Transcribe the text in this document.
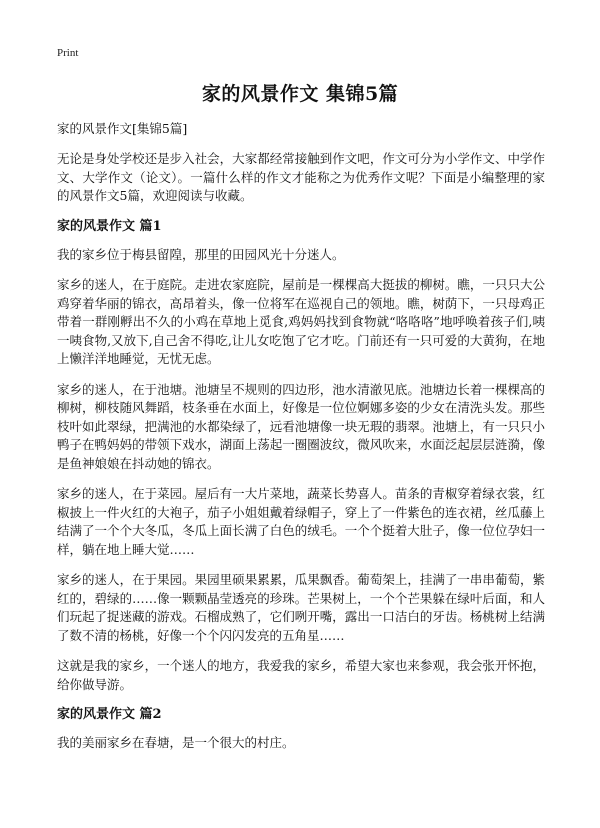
Print
家的风景作文 集锦5篇

家的风景作文[集锦5篇]

无论是身处学校还是步入社会，大家都经常接触到作文吧，作文可分为小学作文、中学作文、大学作文（论文）。一篇什么样的作文才能称之为优秀作文呢？下面是小编整理的家的风景作文5篇，欢迎阅读与收藏。

家的风景作文 篇1

我的家乡位于梅县留隍，那里的田园风光十分迷人。

家乡的迷人，在于庭院。走进农家庭院，屋前是一棵棵高大挺拔的柳树。瞧，一只只大公鸡穿着华丽的锦衣，高昂着头，像一位将军在巡视自己的领地。瞧，树荫下，一只母鸡正带着一群刚孵出不久的小鸡在草地上觅食,鸡妈妈找到食物就“咯咯咯”地呼唤着孩子们,咦一咦食物,又放下,自己舍不得吃,让儿女吃饱了它才吃。门前还有一只可爱的大黄狗，在地上懒洋洋地睡觉，无忧无虑。

家乡的迷人，在于池塘。池塘呈不规则的四边形，池水清澈见底。池塘边长着一棵棵高的柳树，柳枝随风舞蹈，枝条垂在水面上，好像是一位位婀娜多姿的少女在清洗头发。那些枝叶如此翠绿，把满池的水都染绿了，远看池塘像一块无瑕的翡翠。池塘上，有一只只小鸭子在鸭妈妈的带领下戏水，湖面上荡起一圈圈波纹，微风吹来，水面泛起层层涟漪，像是鱼神娘娘在抖动她的锦衣。

家乡的迷人，在于菜园。屋后有一大片菜地，蔬菜长势喜人。苗条的青椒穿着绿衣裳，红椒披上一件火红的大袍子，茄子小姐姐戴着绿帽子，穿上了一件紫色的连衣裙，丝瓜藤上结满了一个个大冬瓜，冬瓜上面长满了白色的绒毛。一个个挺着大肚子，像一位位孕妇一样，躺在地上睡大觉……

家乡的迷人，在于果园。果园里硕果累累，瓜果飘香。葡萄架上，挂满了一串串葡萄，紫红的，碧绿的……像一颗颗晶莹透亮的珍珠。芒果树上，一个个芒果躲在绿叶后面，和人们玩起了捉迷藏的游戏。石榴成熟了，它们咧开嘴，露出一口洁白的牙齿。杨桃树上结满了数不清的杨桃，好像一个个闪闪发亮的五角星……

这就是我的家乡，一个迷人的地方，我爱我的家乡，希望大家也来参观，我会张开怀抱，给你做导游。

家的风景作文 篇2

我的美丽家乡在春塘，是一个很大的村庄。
